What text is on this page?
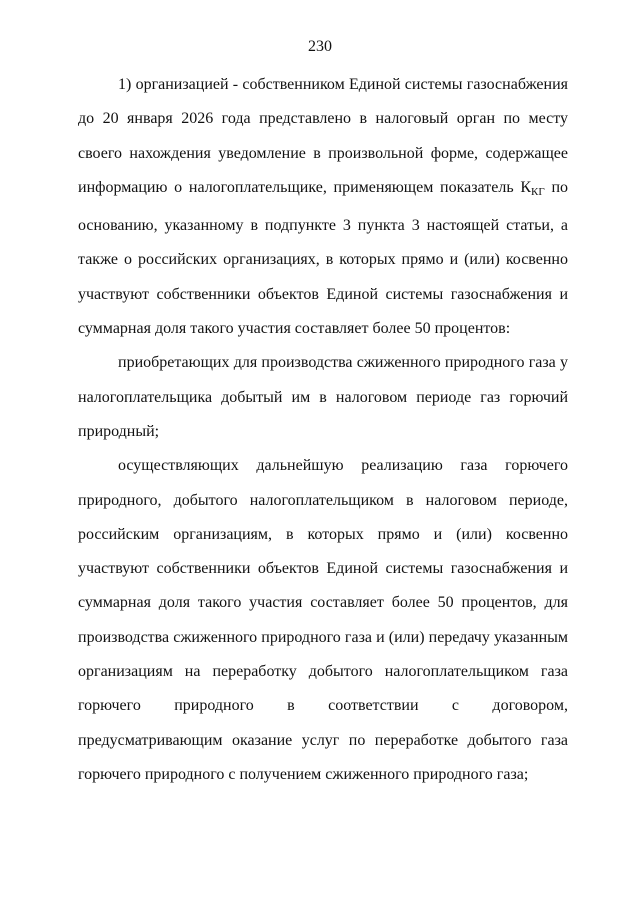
230

1) организацией - собственником Единой системы газоснабжения до 20 января 2026 года представлено в налоговый орган по месту своего нахождения уведомление в произвольной форме, содержащее информацию о налогоплательщике, применяющем показатель $К_{КГ}$ по основанию, указанному в подпункте 3 пункта 3 настоящей статьи, а также о российских организациях, в которых прямо и (или) косвенно участвуют собственники объектов Единой системы газоснабжения и суммарная доля такого участия составляет более 50 процентов:

приобретающих для производства сжиженного природного газа у налогоплательщика добытый им в налоговом периоде газ горючий природный;

осуществляющих дальнейшую реализацию газа горючего природного, добытого налогоплательщиком в налоговом периоде, российским организациям, в которых прямо и (или) косвенно участвуют собственники объектов Единой системы газоснабжения и суммарная доля такого участия составляет более 50 процентов, для производства сжиженного природного газа и (или) передачу указанным организациям на переработку добытого налогоплательщиком газа горючего природного в соответствии с договором, предусматривающим оказание услуг по переработке добытого газа горючего природного с получением сжиженного природного газа;
